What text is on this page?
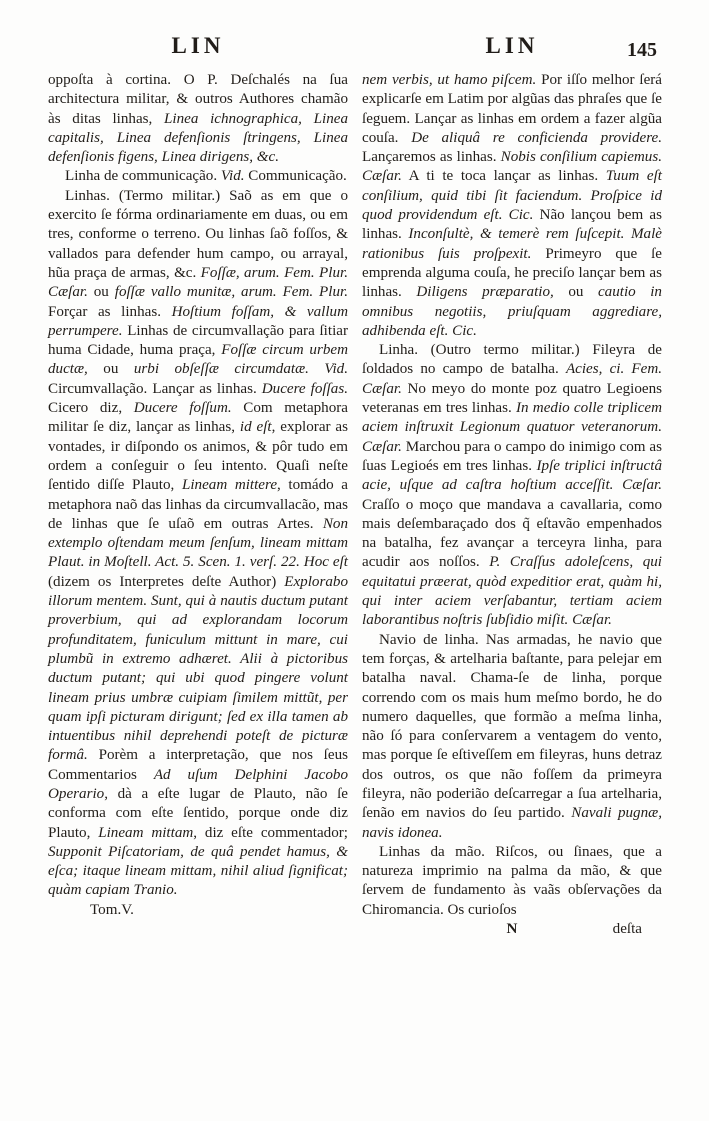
LIN	LIN	145

oppoſta à cortina. O P. Deſchalés na ſua architectura militar, & outros Authores chamão às ditas linhas, Linea ichnographica, Linea capitalis, Linea defenſionis ſtringens, Linea defenſionis figens, Linea dirigens, &c.

Linha de communicação. Vid. Communicação.

Linhas. (Termo militar.) Saõ as em que o exercito ſe fórma ordinariamente em duas, ou em tres, conforme o terreno. Ou linhas ſaõ foſſos, & vallados para defender hum campo, ou arrayal, hũa praça de armas, &c. Foſſæ, arum. Fem. Plur. Cæſar. ou foſſæ vallo munitæ, arum. Fem. Plur. Forçar as linhas. Hoſtium foſſam, & vallum perrumpere. Linhas de circumvallação para ſitiar huma Cidade, huma praça, Foſſæ circum urbem ductæ, ou urbi obſeſſæ circumdatæ. Vid. Circumvallação. Lançar as linhas. Ducere foſſas. Cicero diz, Ducere foſſum. Com metaphora militar ſe diz, lançar as linhas, id eſt, explorar as vontades, ir diſpondo os animos, & pôr tudo em ordem a conſeguir o ſeu intento. Quaſi neſte ſentido diſſe Plauto, Lineam mittere, tomádo a metaphora naõ das linhas da circumvallacão, mas de linhas que ſe uſaõ em outras Artes. Non extemplo oſtendam meum ſenſum, lineam mittam Plaut. in Moſtell. Act. 5. Scen. 1. verſ. 22. Hoc eſt (dizem os Interpretes deſte Author) Explorabo illorum mentem. Sunt, qui à nautis ductum putant proverbium, qui ad explorandam locorum profunditatem, funiculum mittunt in mare, cui plumbũ in extremo adhæret. Alii à pictoribus ductum putant; qui ubi quod pingere volunt lineam prius umbræ cuipiam ſimilem mittũt, per quam ipſi picturam dirigunt; ſed ex illa tamen ab intuentibus nihil deprehendi poteſt de picturæ formâ. Porèm a interpretação, que nos ſeus Commentarios Ad uſum Delphini Jacobo Operario, dà a eſte lugar de Plauto, não ſe conforma com eſte ſentido, porque onde diz Plauto, Lineam mittam, diz eſte commentador; Supponit Piſcatoriam, de quâ pendet hamus, & eſca; itaque lineam mittam, nihil aliud ſignificat; quàm capiam Tranio.

Tom.V.

nem verbis, ut hamo piſcem. Por iſſo melhor ſerá explicarſe em Latim por algũas das phraſes que ſe ſeguem. Lançar as linhas em ordem a fazer algũa couſa. De aliquâ re conficienda providere. Lançaremos as linhas. Nobis conſilium capiemus. Cæſar. A ti te toca lançar as linhas. Tuum eſt conſilium, quid tibi ſit faciendum. Proſpice id quod providendum eſt. Cic. Não lançou bem as linhas. Inconſultè, & temerè rem ſuſcepit. Malè rationibus ſuis proſpexit. Primeyro que ſe emprenda alguma couſa, he preciſo lançar bem as linhas. Diligens præparatio, ou cautio in omnibus negotiis, priuſquam aggrediare, adhibenda eſt. Cic.

Linha. (Outro termo militar.) Fileyra de ſoldados no campo de batalha. Acies, ci. Fem. Cæſar. No meyo do monte poz quatro Legioens veteranas em tres linhas. In medio colle triplicem aciem inſtruxit Legionum quatuor veteranorum. Cæſar. Marchou para o campo do inimigo com as ſuas Legioés em tres linhas. Ipſe triplici inſtructâ acie, uſque ad caſtra hoſtium acceſſit. Cæſar. Craſſo o moço que mandava a cavallaria, como mais deſembaraçado dos q̃ eſtavão empenhados na batalha, fez avançar a terceyra linha, para acudir aos noſſos. P. Craſſus adoleſcens, qui equitatui præerat, quòd expeditior erat, quàm hi, qui inter aciem verſabantur, tertiam aciem laborantibus noſtris ſubſidio miſit. Cæſar.

Navio de linha. Nas armadas, he navio que tem forças, & artelharia baſtante, para pelejar em batalha naval. Chama-ſe de linha, porque correndo com os mais hum meſmo bordo, he do numero daquelles, que formão a meſma linha, não ſó para conſervarem a ventagem do vento, mas porque ſe eſtiveſſem em fileyras, huns detraz dos outros, os que não foſſem da primeyra fileyra, não poderião deſcarregar a ſua artelharia, ſenão em navios do ſeu partido. Navali pugnæ, navis idonea.

Linhas da mão. Riſcos, ou ſinaes, que a natureza imprimio na palma da mão, & que ſervem de fundamento às vaãs obſervações da Chiromancia. Os curioſos

N	deſta
